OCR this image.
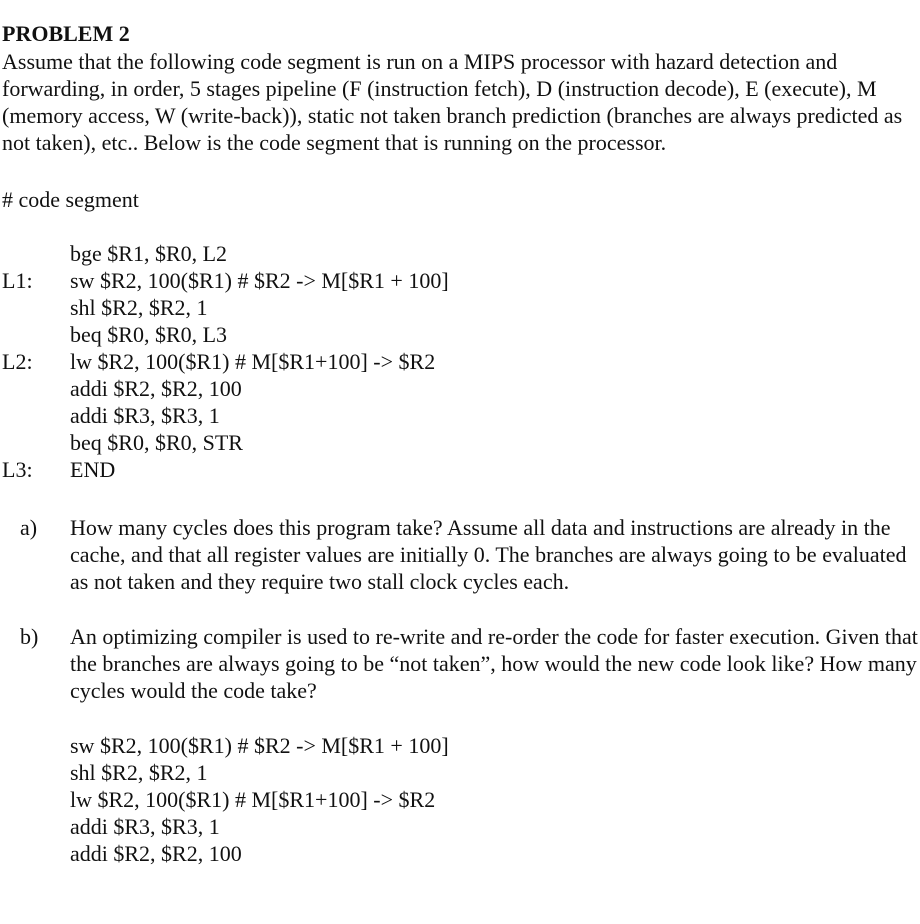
PROBLEM 2

Assume that the following code segment is run on a MIPS processor with hazard detection and forwarding, in order, 5 stages pipeline (F (instruction fetch), D (instruction decode), E (execute), M (memory access, W (write-back)), static not taken branch prediction (branches are always predicted as not taken), etc.. Below is the code segment that is running on the processor.

# code segment

bge $R1, $R0, L2
L1:	sw $R2, 100($R1) # $R2 -> M[$R1 + 100]
shl $R2, $R2, 1
beq $R0, $R0, L3
L2:	lw $R2, 100($R1) # M[$R1+100] -> $R2
addi $R2, $R2, 100
addi $R3, $R3, 1
beq $R0, $R0, STR
L3:	END
a) How many cycles does this program take? Assume all data and instructions are already in the cache, and that all register values are initially 0. The branches are always going to be evaluated as not taken and they require two stall clock cycles each.

b) An optimizing compiler is used to re-write and re-order the code for faster execution. Given that the branches are always going to be “not taken”, how would the new code look like? How many cycles would the code take?

sw $R2, 100($R1) # $R2 -> M[$R1 + 100]
shl $R2, $R2, 1
lw $R2, 100($R1) # M[$R1+100] -> $R2
addi $R3, $R3, 1
addi $R2, $R2, 100
